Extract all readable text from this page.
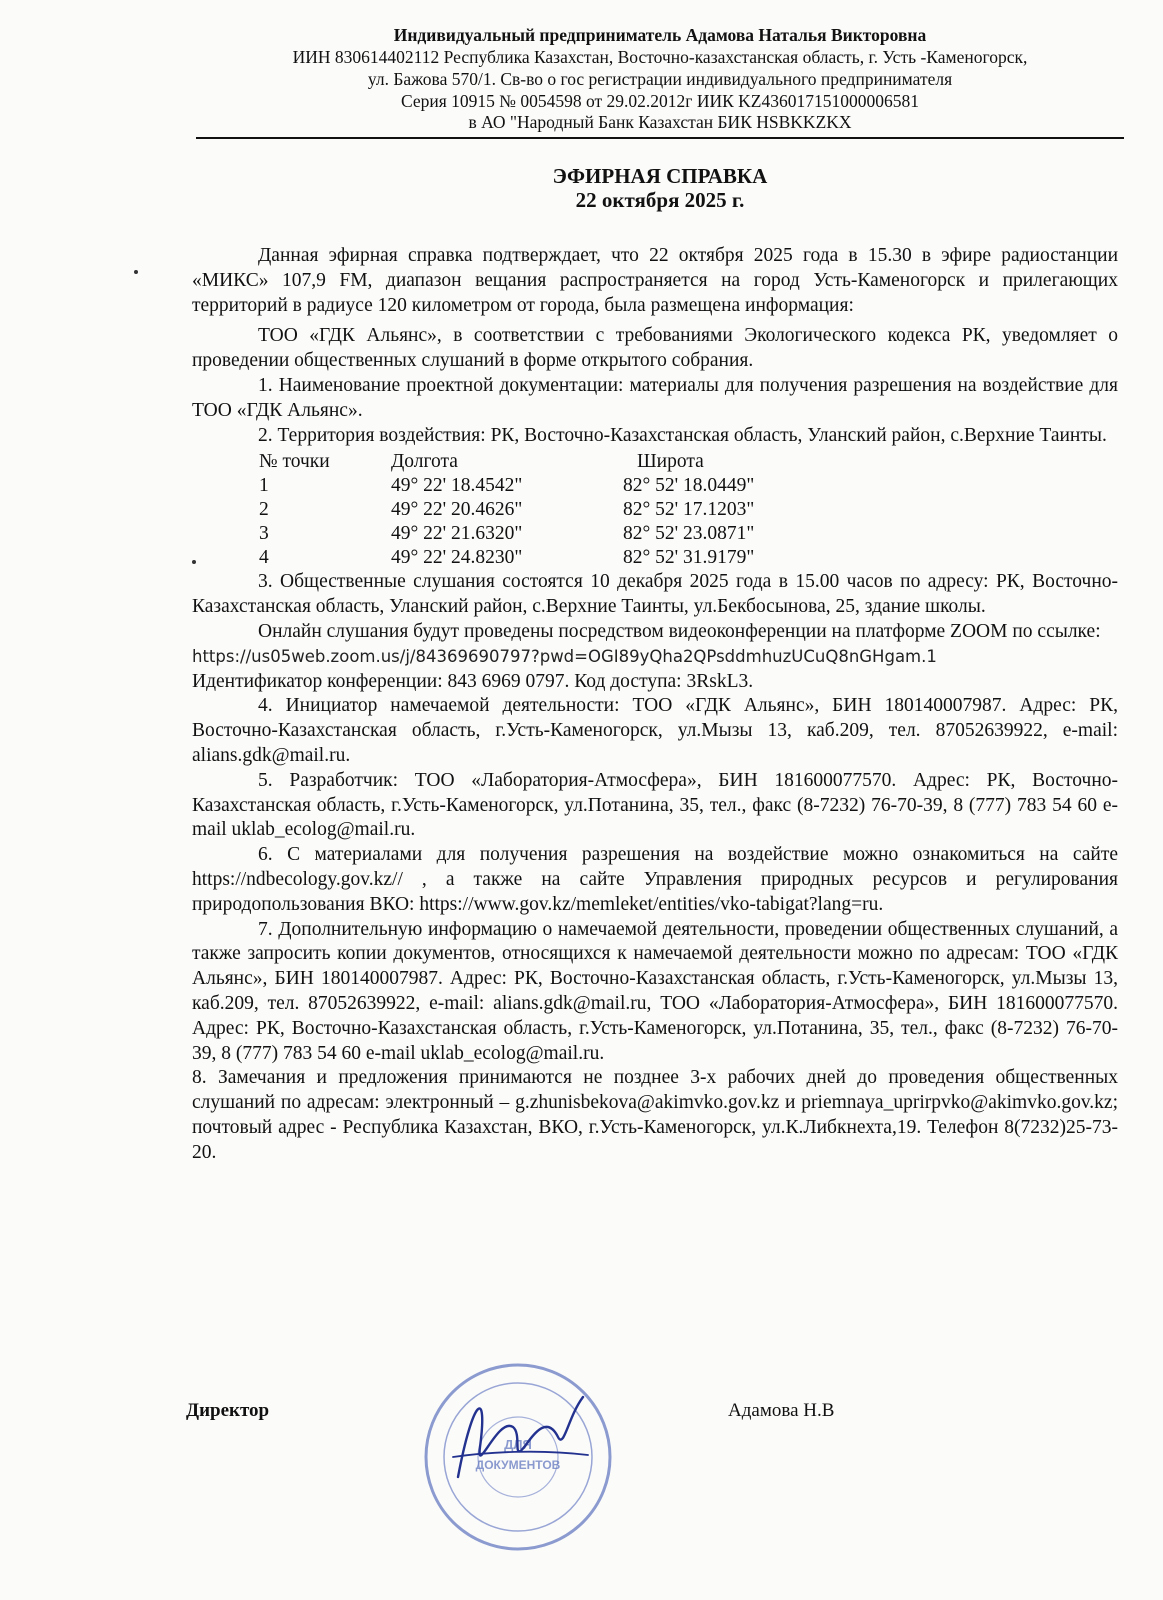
Индивидуальный предприниматель Адамова Наталья Викторовна
ИИН 830614402112 Республика Казахстан, Восточно-казахстанская область, г. Усть -Каменогорск,
ул. Бажова 570/1. Св-во о гос регистрации индивидуального предпринимателя
Серия 10915 № 0054598 от 29.02.2012г ИИК KZ436017151000006581
в АО "Народный Банк Казахстан БИК HSBKKZKX
ЭФИРНАЯ СПРАВКА
22 октября 2025 г.

Данная эфирная справка подтверждает, что 22 октября 2025 года в 15.30 в эфире радиостанции «МИКС» 107,9 FM, диапазон вещания распространяется на город Усть-Каменогорск и прилегающих территорий в радиусе 120 километром от города, была размещена информация:

ТОО «ГДК Альянс», в соответствии с требованиями Экологического кодекса РК, уведомляет о проведении общественных слушаний в форме открытого собрания.

1. Наименование проектной документации: материалы для получения разрешения на воздействие для ТОО «ГДК Альянс».

2. Территория воздействия: РК, Восточно-Казахстанская область, Уланский район, с.Верхние Таинты.

№ точки	Долгота	Широта
1	49° 22' 18.4542"	82° 52' 18.0449"
2	49° 22' 20.4626"	82° 52' 17.1203"
3	49° 22' 21.6320"	82° 52' 23.0871"
4	49° 22' 24.8230"	82° 52' 31.9179"

3. Общественные слушания состоятся 10 декабря 2025 года в 15.00 часов по адресу: РК, Восточно-Казахстанская область, Уланский район, с.Верхние Таинты, ул.Бекбосынова, 25, здание школы.

Онлайн слушания будут проведены посредством видеоконференции на платформе ZOOM по ссылке:

https://us05web.zoom.us/j/84369690797?pwd=OGI89yQha2QPsddmhuzUCuQ8nGHgam.1

Идентификатор конференции: 843 6969 0797. Код доступа: 3RskL3.

4. Инициатор намечаемой деятельности: ТОО «ГДК Альянс», БИН 180140007987. Адрес: РК, Восточно-Казахстанская область, г.Усть-Каменогорск, ул.Мызы 13, каб.209, тел. 87052639922, e-mail: alians.gdk@mail.ru.

5. Разработчик: ТОО «Лаборатория-Атмосфера», БИН 181600077570. Адрес: РК, Восточно-Казахстанская область, г.Усть-Каменогорск, ул.Потанина, 35, тел., факс (8-7232) 76-70-39, 8 (777) 783 54 60 e-mail uklab_ecolog@mail.ru.

6. С материалами для получения разрешения на воздействие можно ознакомиться на сайте https://ndbecology.gov.kz// , а также на сайте Управления природных ресурсов и регулирования природопользования ВКО: https://www.gov.kz/memleket/entities/vko-tabigat?lang=ru.

7. Дополнительную информацию о намечаемой деятельности, проведении общественных слушаний, а также запросить копии документов, относящихся к намечаемой деятельности можно по адресам: ТОО «ГДК Альянс», БИН 180140007987. Адрес: РК, Восточно-Казахстанская область, г.Усть-Каменогорск, ул.Мызы 13, каб.209, тел. 87052639922, e-mail: alians.gdk@mail.ru, ТОО «Лаборатория-Атмосфера», БИН 181600077570. Адрес: РК, Восточно-Казахстанская область, г.Усть-Каменогорск, ул.Потанина, 35, тел., факс (8-7232) 76-70-39, 8 (777) 783 54 60 e-mail uklab_ecolog@mail.ru.

8. Замечания и предложения принимаются не позднее 3-х рабочих дней до проведения общественных слушаний по адресам: электронный – g.zhunisbekova@akimvko.gov.kz и priemnaya_uprirpvko@akimvko.gov.kz; почтовый адрес - Республика Казахстан, ВКО, г.Усть-Каменогорск, ул.К.Либкнехта,19. Телефон 8(7232)25-73-20.

Директор	Адамова Н.В
ДЛЯ
ДОКУМЕНТОВ
